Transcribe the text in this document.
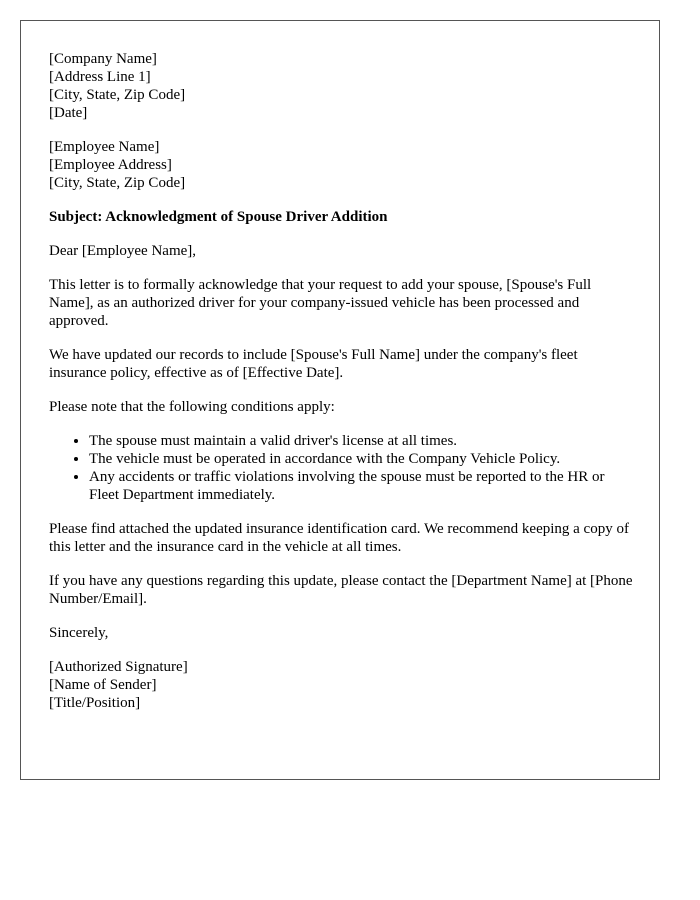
[Company Name]
[Address Line 1]
[City, State, Zip Code]
[Date]
[Employee Name]
[Employee Address]
[City, State, Zip Code]

Subject: Acknowledgment of Spouse Driver Addition

Dear [Employee Name],

This letter is to formally acknowledge that your request to add your spouse, [Spouse's Full Name], as an authorized driver for your company-issued vehicle has been processed and approved.

We have updated our records to include [Spouse's Full Name] under the company's fleet insurance policy, effective as of [Effective Date].

Please note that the following conditions apply:

• The spouse must maintain a valid driver's license at all times.
• The vehicle must be operated in accordance with the Company Vehicle Policy.
• Any accidents or traffic violations involving the spouse must be reported to the HR or Fleet Department immediately.

Please find attached the updated insurance identification card. We recommend keeping a copy of this letter and the insurance card in the vehicle at all times.

If you have any questions regarding this update, please contact the [Department Name] at [Phone Number/Email].

Sincerely,

[Authorized Signature]
[Name of Sender]
[Title/Position]
